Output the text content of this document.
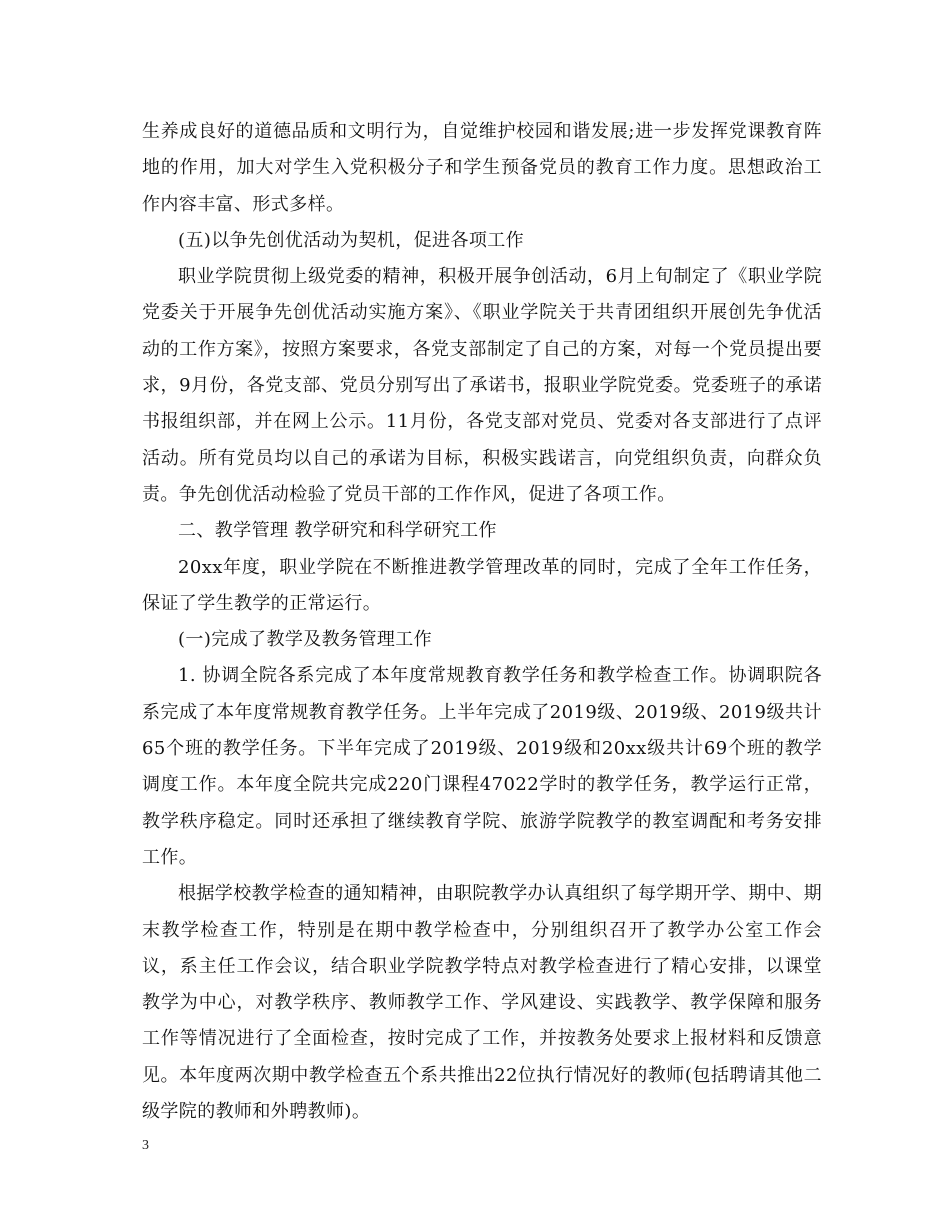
生养成良好的道德品质和文明行为，自觉维护校园和谐发展;进一步发挥党课教育阵地的作用，加大对学生入党积极分子和学生预备党员的教育工作力度。思想政治工作内容丰富、形式多样。

(五)以争先创优活动为契机，促进各项工作

职业学院贯彻上级党委的精神，积极开展争创活动，6月上旬制定了《职业学院党委关于开展争先创优活动实施方案》、《职业学院关于共青团组织开展创先争优活动的工作方案》，按照方案要求，各党支部制定了自己的方案，对每一个党员提出要求，9月份，各党支部、党员分别写出了承诺书，报职业学院党委。党委班子的承诺书报组织部，并在网上公示。11月份，各党支部对党员、党委对各支部进行了点评活动。所有党员均以自己的承诺为目标，积极实践诺言，向党组织负责，向群众负责。争先创优活动检验了党员干部的工作作风，促进了各项工作。

二、教学管理 教学研究和科学研究工作

20xx年度，职业学院在不断推进教学管理改革的同时，完成了全年工作任务，保证了学生教学的正常运行。

(一)完成了教学及教务管理工作

1. 协调全院各系完成了本年度常规教育教学任务和教学检查工作。协调职院各系完成了本年度常规教育教学任务。上半年完成了2019级、2019级、2019级共计65个班的教学任务。下半年完成了2019级、2019级和20xx级共计69个班的教学调度工作。本年度全院共完成220门课程47022学时的教学任务，教学运行正常，教学秩序稳定。同时还承担了继续教育学院、旅游学院教学的教室调配和考务安排工作。

根据学校教学检查的通知精神，由职院教学办认真组织了每学期开学、期中、期末教学检查工作，特别是在期中教学检查中，分别组织召开了教学办公室工作会议，系主任工作会议，结合职业学院教学特点对教学检查进行了精心安排，以课堂教学为中心，对教学秩序、教师教学工作、学风建设、实践教学、教学保障和服务工作等情况进行了全面检查，按时完成了工作，并按教务处要求上报材料和反馈意见。本年度两次期中教学检查五个系共推出22位执行情况好的教师(包括聘请其他二级学院的教师和外聘教师)。

3
